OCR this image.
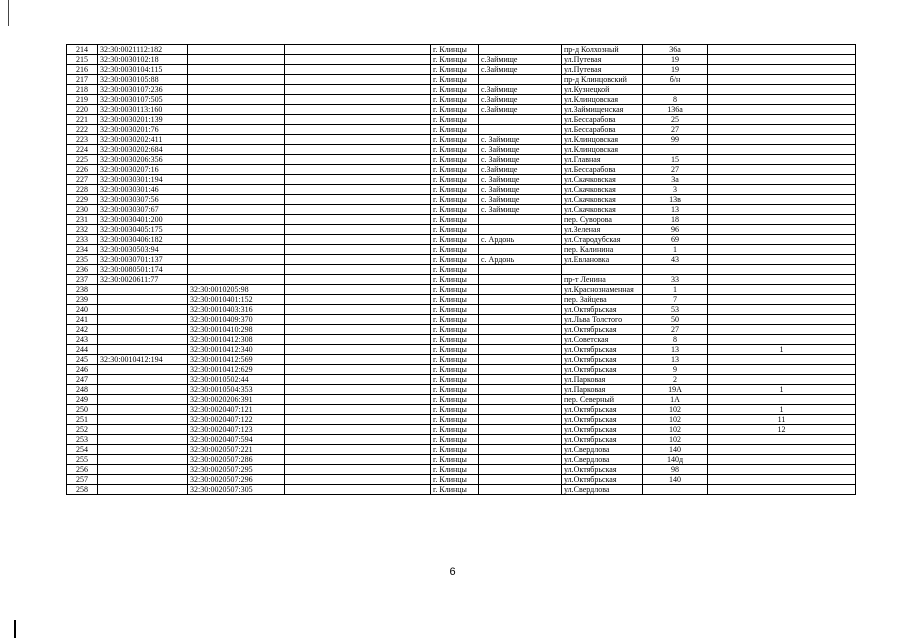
214	32:30:0021112:182			г. Клинцы		пр-д Колхозный	36а	
215	32:30:0030102:18			г. Клинцы	с.Займище	ул.Путевая	19	
216	32:30:0030104:115			г. Клинцы	с.Займище	ул.Путевая	19	
217	32:30:0030105:88			г. Клинцы		пр-д Клинцовский	б/н	
218	32:30:0030107:236			г. Клинцы	с.Займище	ул.Кузнецкой		
219	32:30:0030107:505			г. Клинцы	с.Займище	ул.Клинцовская	8	
220	32:30:0030113:160			г. Клинцы	с.Займище	ул.Займищенская	136а	
221	32:30:0030201:139			г. Клинцы		ул.Бессарабова	25	
222	32:30:0030201:76			г. Клинцы		ул.Бессарабова	27	
223	32:30:0030202:411			г. Клинцы	с. Займище	ул.Клинцовская	99	
224	32:30:0030202:684			г. Клинцы	с. Займище	ул.Клинцовская		
225	32:30:0030206:356			г. Клинцы	с. Займище	ул.Главная	15	
226	32:30:0030207:16			г. Клинцы	с.Займище	ул.Бессарабова	27	
227	32:30:0030301:194			г. Клинцы	с. Займище	ул.Скачковская	3а	
228	32:30:0030301:46			г. Клинцы	с. Займище	ул.Скачковская	3	
229	32:30:0030307:56			г. Клинцы	с. Займище	ул.Скачковская	13в	
230	32:30:0030307:67			г. Клинцы	с. Займище	ул.Скачковская	13	
231	32:30:0030401:200			г. Клинцы		пер. Суворова	18	
232	32:30:0030405:175			г. Клинцы		ул.Зеленая	96	
233	32:30:0030406:182			г. Клинцы	с. Ардонь	ул.Стародубская	69	
234	32:30:0030503:94			г. Клинцы		пер. Калинина	1	
235	32:30:0030701:137			г. Клинцы	с. Ардонь	ул.Евлановка	43	
236	32:30:0080501:174			г. Клинцы				
237	32:30:0020611:77			г. Клинцы		пр-т Ленина	33	
238		32:30:0010205:98		г. Клинцы		ул.Краснознаменная	1	
239		32:30:0010401:152		г. Клинцы		пер. Зайцева	7	
240		32:30:0010403:316		г. Клинцы		ул.Октябрьская	53	
241		32:30:0010409:370		г. Клинцы		ул.Льва Толстого	50	
242		32:30:0010410:298		г. Клинцы		ул.Октябрьская	27	
243		32:30:0010412:308		г. Клинцы		ул.Советская	8	
244		32:30:0010412:340		г. Клинцы		ул.Октябрьская	13	1
245	32:30:0010412:194	32:30:0010412:569		г. Клинцы		ул.Октябрьская	13	
246		32:30:0010412:629		г. Клинцы		ул.Октябрьская	9	
247		32:30:0010502:44		г. Клинцы		ул.Парковая	2	
248		32:30:0010504:353		г. Клинцы		ул.Парковая	19А	1
249		32:30:0020206:391		г. Клинцы		пер. Северный	1А	
250		32:30:0020407:121		г. Клинцы		ул.Октябрьская	102	1
251		32:30:0020407:122		г. Клинцы		ул.Октябрьская	102	11
252		32:30:0020407:123		г. Клинцы		ул.Октябрьская	102	12
253		32:30:0020407:594		г. Клинцы		ул.Октябрьская	102	
254		32:30:0020507:221		г. Клинцы		ул.Свердлова	140	
255		32:30:0020507:286		г. Клинцы		ул.Свердлова	140д	
256		32:30:0020507:295		г. Клинцы		ул.Октябрьская	98	
257		32:30:0020507:296		г. Клинцы		ул.Октябрьская	140	
258		32:30:0020507:305		г. Клинцы		ул.Свердлова		
6
